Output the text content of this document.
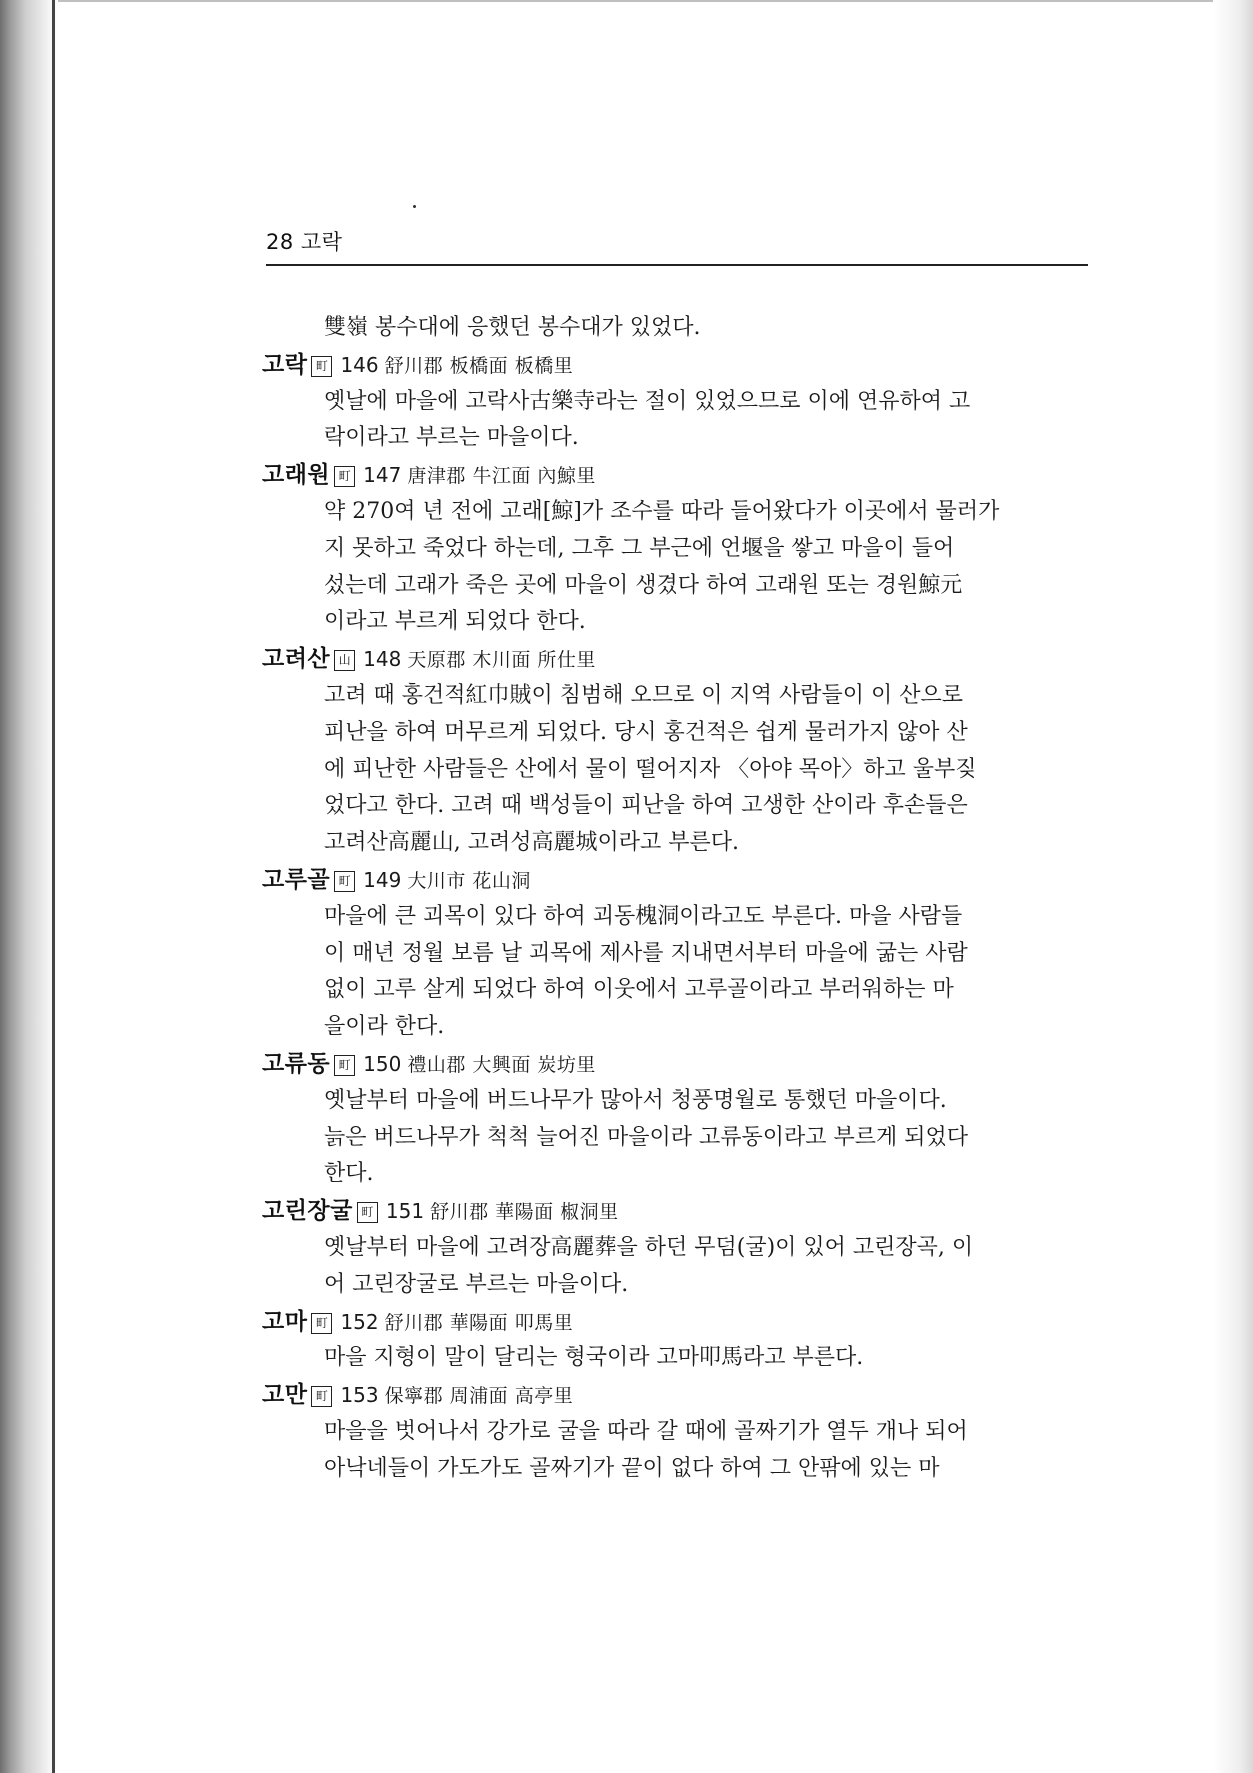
28 고락
雙嶺 봉수대에 응했던 봉수대가 있었다.
고락 町 146 舒川郡 板橋面 板橋里
옛날에 마을에 고락사古樂寺라는 절이 있었으므로 이에 연유하여 고
락이라고 부르는 마을이다.
고래원 町 147 唐津郡 牛江面 內鯨里
약 270여 년 전에 고래[鯨]가 조수를 따라 들어왔다가 이곳에서 물러가
지 못하고 죽었다 하는데, 그후 그 부근에 언堰을 쌓고 마을이 들어
섰는데 고래가 죽은 곳에 마을이 생겼다 하여 고래원 또는 경원鯨元
이라고 부르게 되었다 한다.
고려산 山 148 天原郡 木川面 所仕里
고려 때 홍건적紅巾賊이 침범해 오므로 이 지역 사람들이 이 산으로
피난을 하여 머무르게 되었다. 당시 홍건적은 쉽게 물러가지 않아 산
에 피난한 사람들은 산에서 물이 떨어지자 〈아야 목아〉하고 울부짖
었다고 한다. 고려 때 백성들이 피난을 하여 고생한 산이라 후손들은
고려산高麗山, 고려성高麗城이라고 부른다.
고루골 町 149 大川市 花山洞
마을에 큰 괴목이 있다 하여 괴동槐洞이라고도 부른다. 마을 사람들
이 매년 정월 보름 날 괴목에 제사를 지내면서부터 마을에 굶는 사람
없이 고루 살게 되었다 하여 이웃에서 고루골이라고 부러워하는 마
을이라 한다.
고류동 町 150 禮山郡 大興面 炭坊里
옛날부터 마을에 버드나무가 많아서 청풍명월로 통했던 마을이다.
늙은 버드나무가 척척 늘어진 마을이라 고류동이라고 부르게 되었다
한다.
고린장굴 町 151 舒川郡 華陽面 椒洞里
옛날부터 마을에 고려장高麗葬을 하던 무덤(굴)이 있어 고린장곡, 이
어 고린장굴로 부르는 마을이다.
고마 町 152 舒川郡 華陽面 叩馬里
마을 지형이 말이 달리는 형국이라 고마叩馬라고 부른다.
고만 町 153 保寧郡 周浦面 高亭里
마을을 벗어나서 강가로 굴을 따라 갈 때에 골짜기가 열두 개나 되어
아낙네들이 가도가도 골짜기가 끝이 없다 하여 그 안팎에 있는 마
